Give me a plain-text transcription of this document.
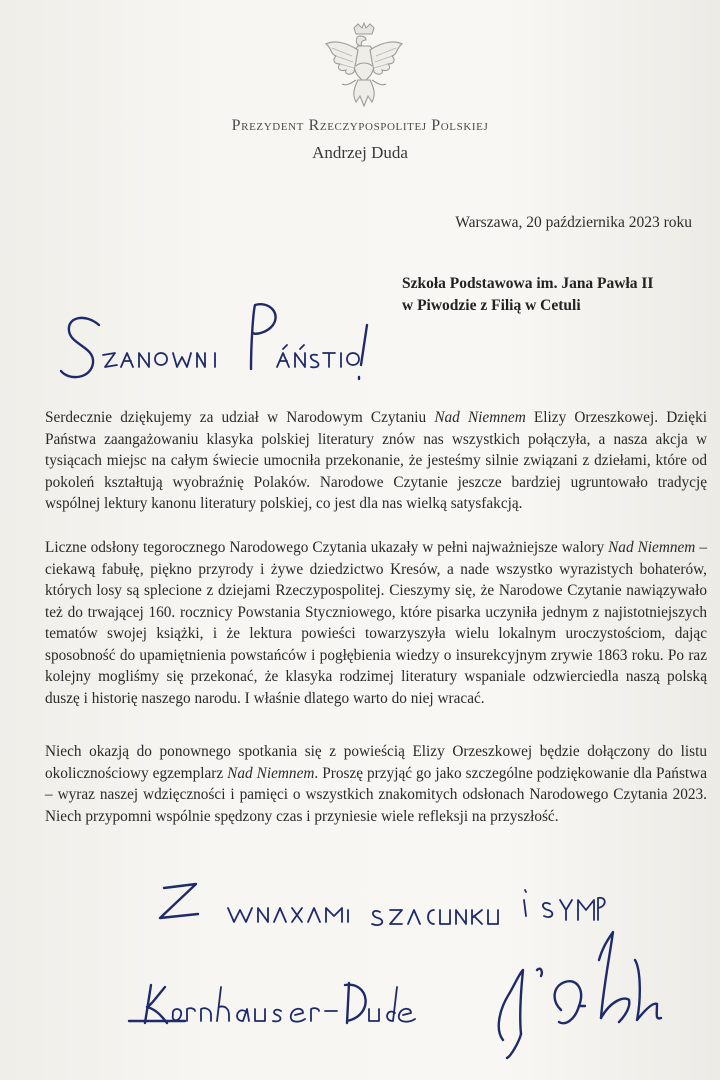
Prezydent Rzeczypospolitej Polskiej
Andrzej Duda
Warszawa, 20 października 2023 roku
Szkoła Podstawowa im. Jana Pawła II
w Piwodzie z Filią w Cetuli

Serdecznie dziękujemy za udział w Narodowym Czytaniu Nad Niemnem Elizy Orzeszkowej. Dzięki Państwa zaangażowaniu klasyka polskiej literatury znów nas wszystkich połączyła, a nasza akcja w tysiącach miejsc na całym świecie umocniła przekonanie, że jesteśmy silnie związani z dziełami, które od pokoleń kształtują wyobraźnię Polaków. Narodowe Czytanie jeszcze bardziej ugruntowało tradycję wspólnej lektury kanonu literatury polskiej, co jest dla nas wielką satysfakcją.

Liczne odsłony tegorocznego Narodowego Czytania ukazały w pełni najważniejsze walory Nad Niemnem – ciekawą fabułę, piękno przyrody i żywe dziedzictwo Kresów, a nade wszystko wyrazistych bohaterów, których losy są splecione z dziejami Rzeczypospolitej. Cieszymy się, że Narodowe Czytanie nawiązywało też do trwającej 160. rocznicy Powstania Styczniowego, które pisarka uczyniła jednym z najistotniejszych tematów swojej książki, i że lektura powieści towarzyszyła wielu lokalnym uroczystościom, dając sposobność do upamiętnienia powstańców i pogłębienia wiedzy o insurekcyjnym zrywie 1863 roku. Po raz kolejny mogliśmy się przekonać, że klasyka rodzimej literatury wspaniale odzwierciedla naszą polską duszę i historię naszego narodu. I właśnie dlatego warto do niej wracać.

Niech okazją do ponownego spotkania się z powieścią Elizy Orzeszkowej będzie dołączony do listu okolicznościowy egzemplarz Nad Niemnem. Proszę przyjąć go jako szczególne podziękowanie dla Państwa – wyraz naszej wdzięczności i pamięci o wszystkich znakomitych odsłonach Narodowego Czytania 2023. Niech przypomni wspólnie spędzony czas i przyniesie wiele refleksji na przyszłość.
